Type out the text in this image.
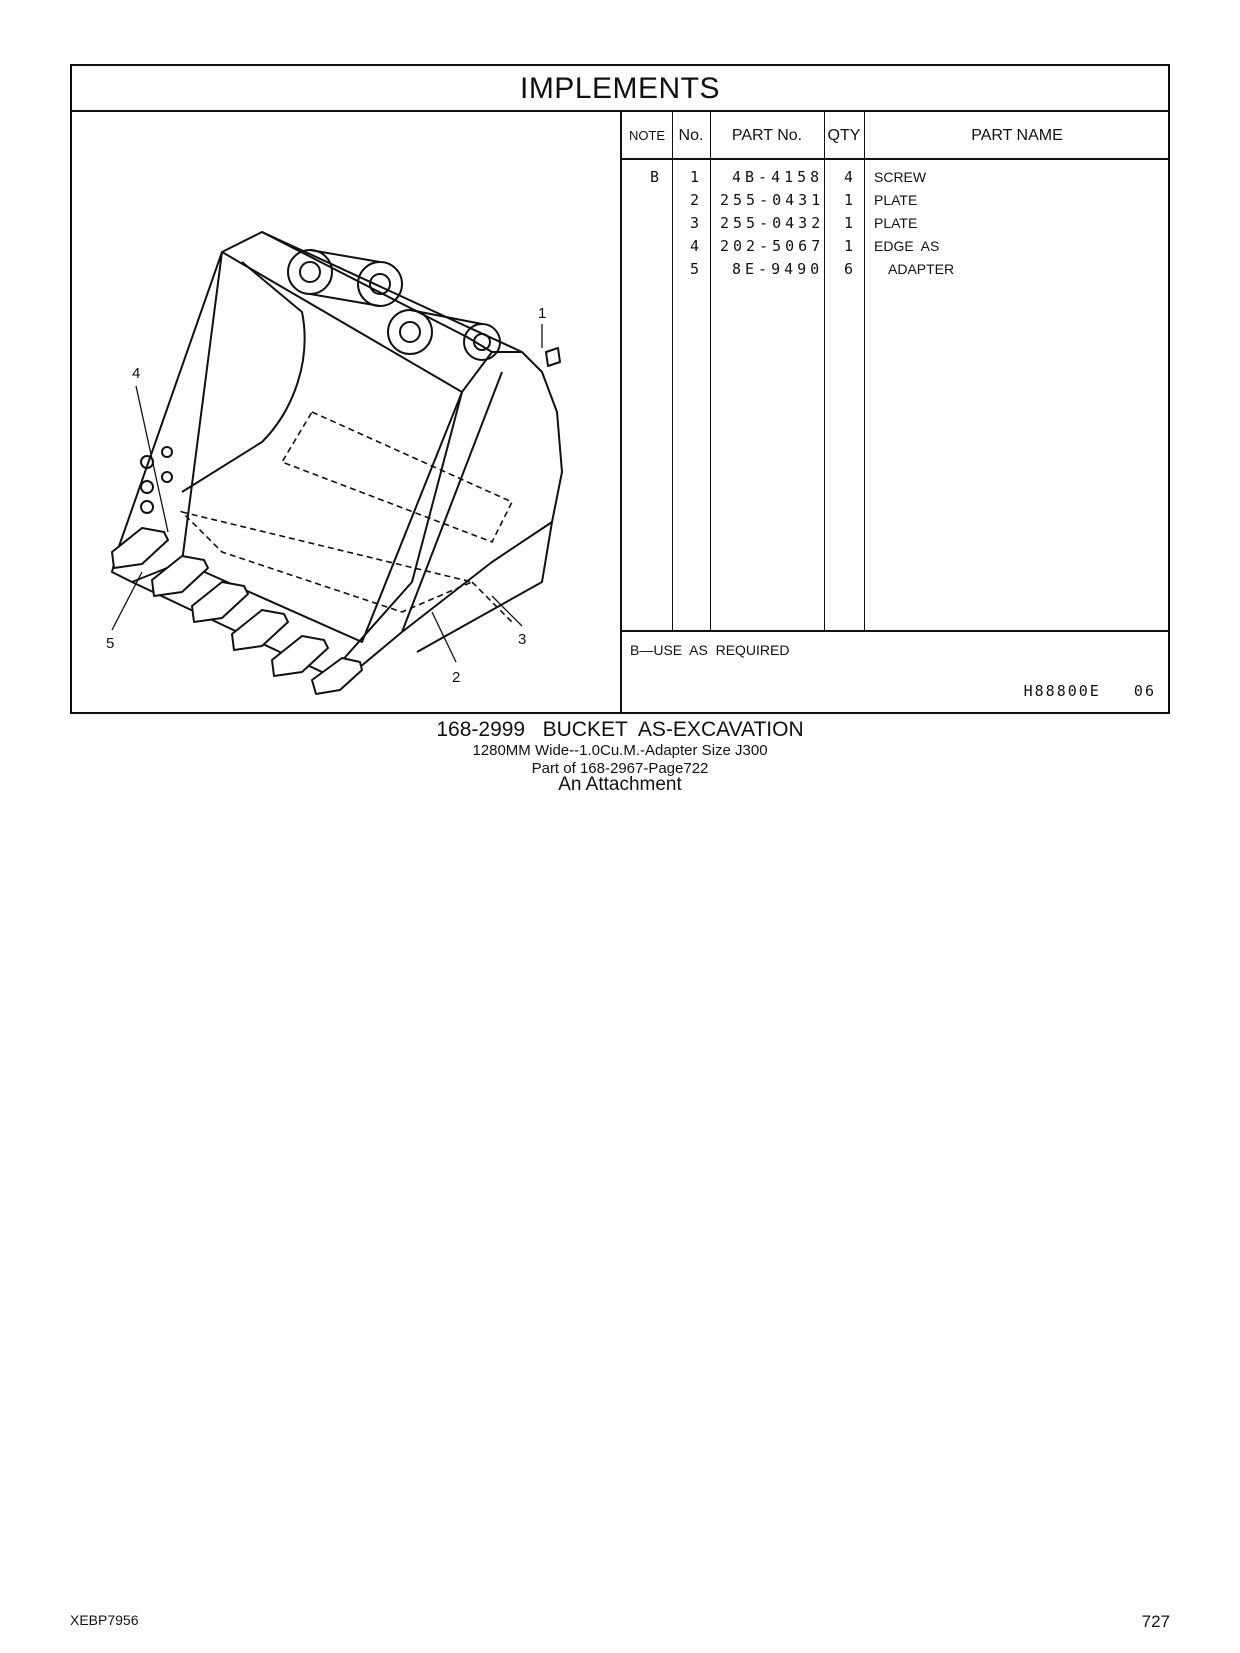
IMPLEMENTS
1
4
5
2
3
NOTE No.	PART No.	QTY	PART NAME
B 1 4B-4158 4 SCREW
2 255-0431 1 PLATE
3 255-0432 1 PLATE
4 202-5067 1 EDGE  AS
5 8E-9490 6 ADAPTER
B—USE  AS  REQUIRED
H88800E   06
168-2999   BUCKET  AS-EXCAVATION
1280MM Wide--1.0Cu.M.-Adapter Size J300
Part of 168-2967-Page722
An Attachment
XEBP7956	727
